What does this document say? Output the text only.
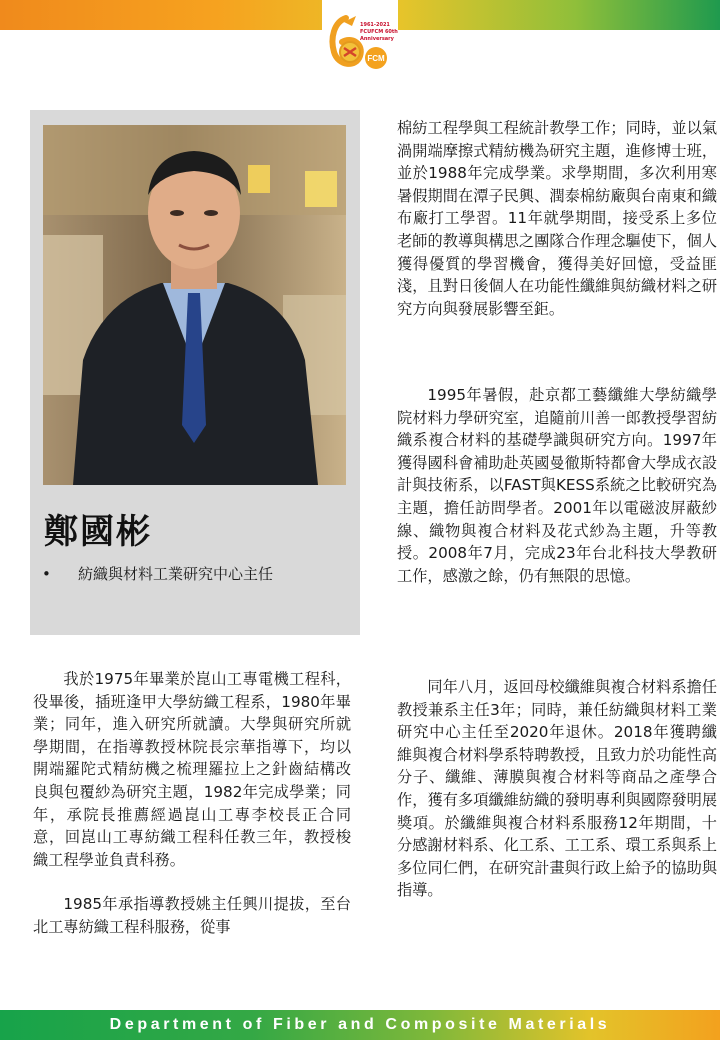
1961-2021
FCUFCM 60th
Anniversary
FCM
鄭國彬
• 紡織與材料工業研究中心主任

我於1975年畢業於崑山工專電機工程科，役畢後，插班逢甲大學紡織工程系，1980年畢業；同年，進入研究所就讀。大學與研究所就學期間，在指導教授林院長宗華指導下，均以開端羅陀式精紡機之梳理羅拉上之針齒結構改良與包覆紗為研究主題，1982年完成學業；同年，承院長推薦經過崑山工專李校長正合同意，回崑山工專紡織工程科任教三年，教授梭織工程學並負責科務。

1985年承指導教授姚主任興川提拔，至台北工專紡織工程科服務，從事

棉紡工程學與工程統計教學工作；同時，並以氣渦開端摩擦式精紡機為研究主題，進修博士班，並於1988年完成學業。求學期間，多次利用寒暑假期間在潭子民興、潤泰棉紡廠與台南東和織布廠打工學習。11年就學期間，接受系上多位老師的教導與構思之團隊合作理念驅使下，個人獲得優質的學習機會，獲得美好回憶，受益匪淺，且對日後個人在功能性纖維與紡織材料之研究方向與發展影響至鉅。

1995年暑假，赴京都工藝纖維大學紡織學院材料力學研究室，追隨前川善一郎教授學習紡織系複合材料的基礎學識與研究方向。1997年獲得國科會補助赴英國曼徹斯特都會大學成衣設計與技術系，以FAST與KESS系統之比較研究為主題，擔任訪問學者。2001年以電磁波屏蔽紗線、織物與複合材料及花式紗為主題，升等教授。2008年7月，完成23年台北科技大學教研工作，感激之餘，仍有無限的思憶。

同年八月，返回母校纖維與複合材料系擔任教授兼系主任3年；同時，兼任紡織與材料工業研究中心主任至2020年退休。2018年獲聘纖維與複合材料學系特聘教授，且致力於功能性高分子、纖維、薄膜與複合材料等商品之產學合作，獲有多項纖維紡織的發明專利與國際發明展獎項。於纖維與複合材料系服務12年期間，十分感謝材料系、化工系、工工系、環工系與系上多位同仁們，在研究計畫與行政上給予的協助與指導。

Department of Fiber and Composite Materials
